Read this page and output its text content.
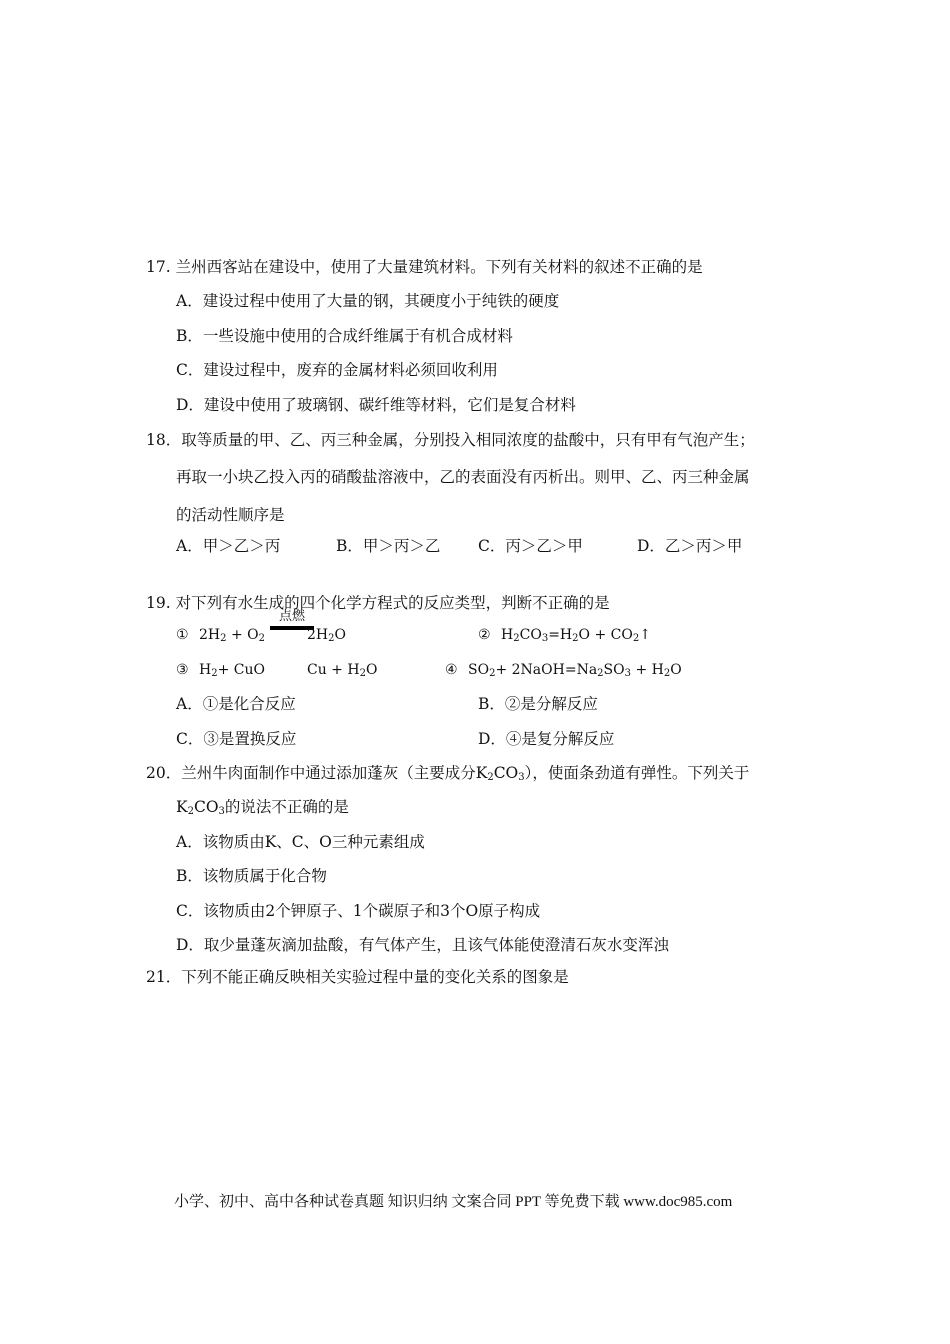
17. 兰州西客站在建设中，使用了大量建筑材料。下列有关材料的叙述不正确的是
A．建设过程中使用了大量的钢，其硬度小于纯铁的硬度
B．一些设施中使用的合成纤维属于有机合成材料
C．建设过程中，废弃的金属材料必须回收利用
D．建设中使用了玻璃钢、碳纤维等材料，它们是复合材料
18．取等质量的甲、乙、丙三种金属，分别投入相同浓度的盐酸中，只有甲有气泡产生；
再取一小块乙投入丙的硝酸盐溶液中，乙的表面没有丙析出。则甲、乙、丙三种金属
的活动性顺序是
A．甲＞乙＞丙	B．甲＞丙＞乙 C．丙＞乙＞甲	D．乙＞丙＞甲
19. 对下列有水生成的四个化学方程式的反应类型，判断不正确的是
① $2H_2 + O_2$
点燃
$2H_2O$	② $H_2CO_3=H_2O$ + $CO_2↑$
③ $H_2+$ CuO	$Cu + H_2O$	④ $SO_2+$ $2NaOH=Na_2SO_3 + H_2O$
A．①是化合反应	B．②是分解反应
C．③是置换反应	D．④是复分解反应
20．兰州牛肉面制作中通过添加蓬灰（主要成分$K_2CO_3$），使面条劲道有弹性。下列关于
$K_2CO_3$的说法不正确的是
A．该物质由K、C、O三种元素组成
B．该物质属于化合物
C．该物质由2个钾原子、1个碳原子和3个O原子构成
D．取少量蓬灰滴加盐酸，有气体产生，且该气体能使澄清石灰水变浑浊
21．下列不能正确反映相关实验过程中量的变化关系的图象是
小学、初中、高中各种试卷真题 知识归纳 文案合同 PPT 等免费下载 www.doc985.com
